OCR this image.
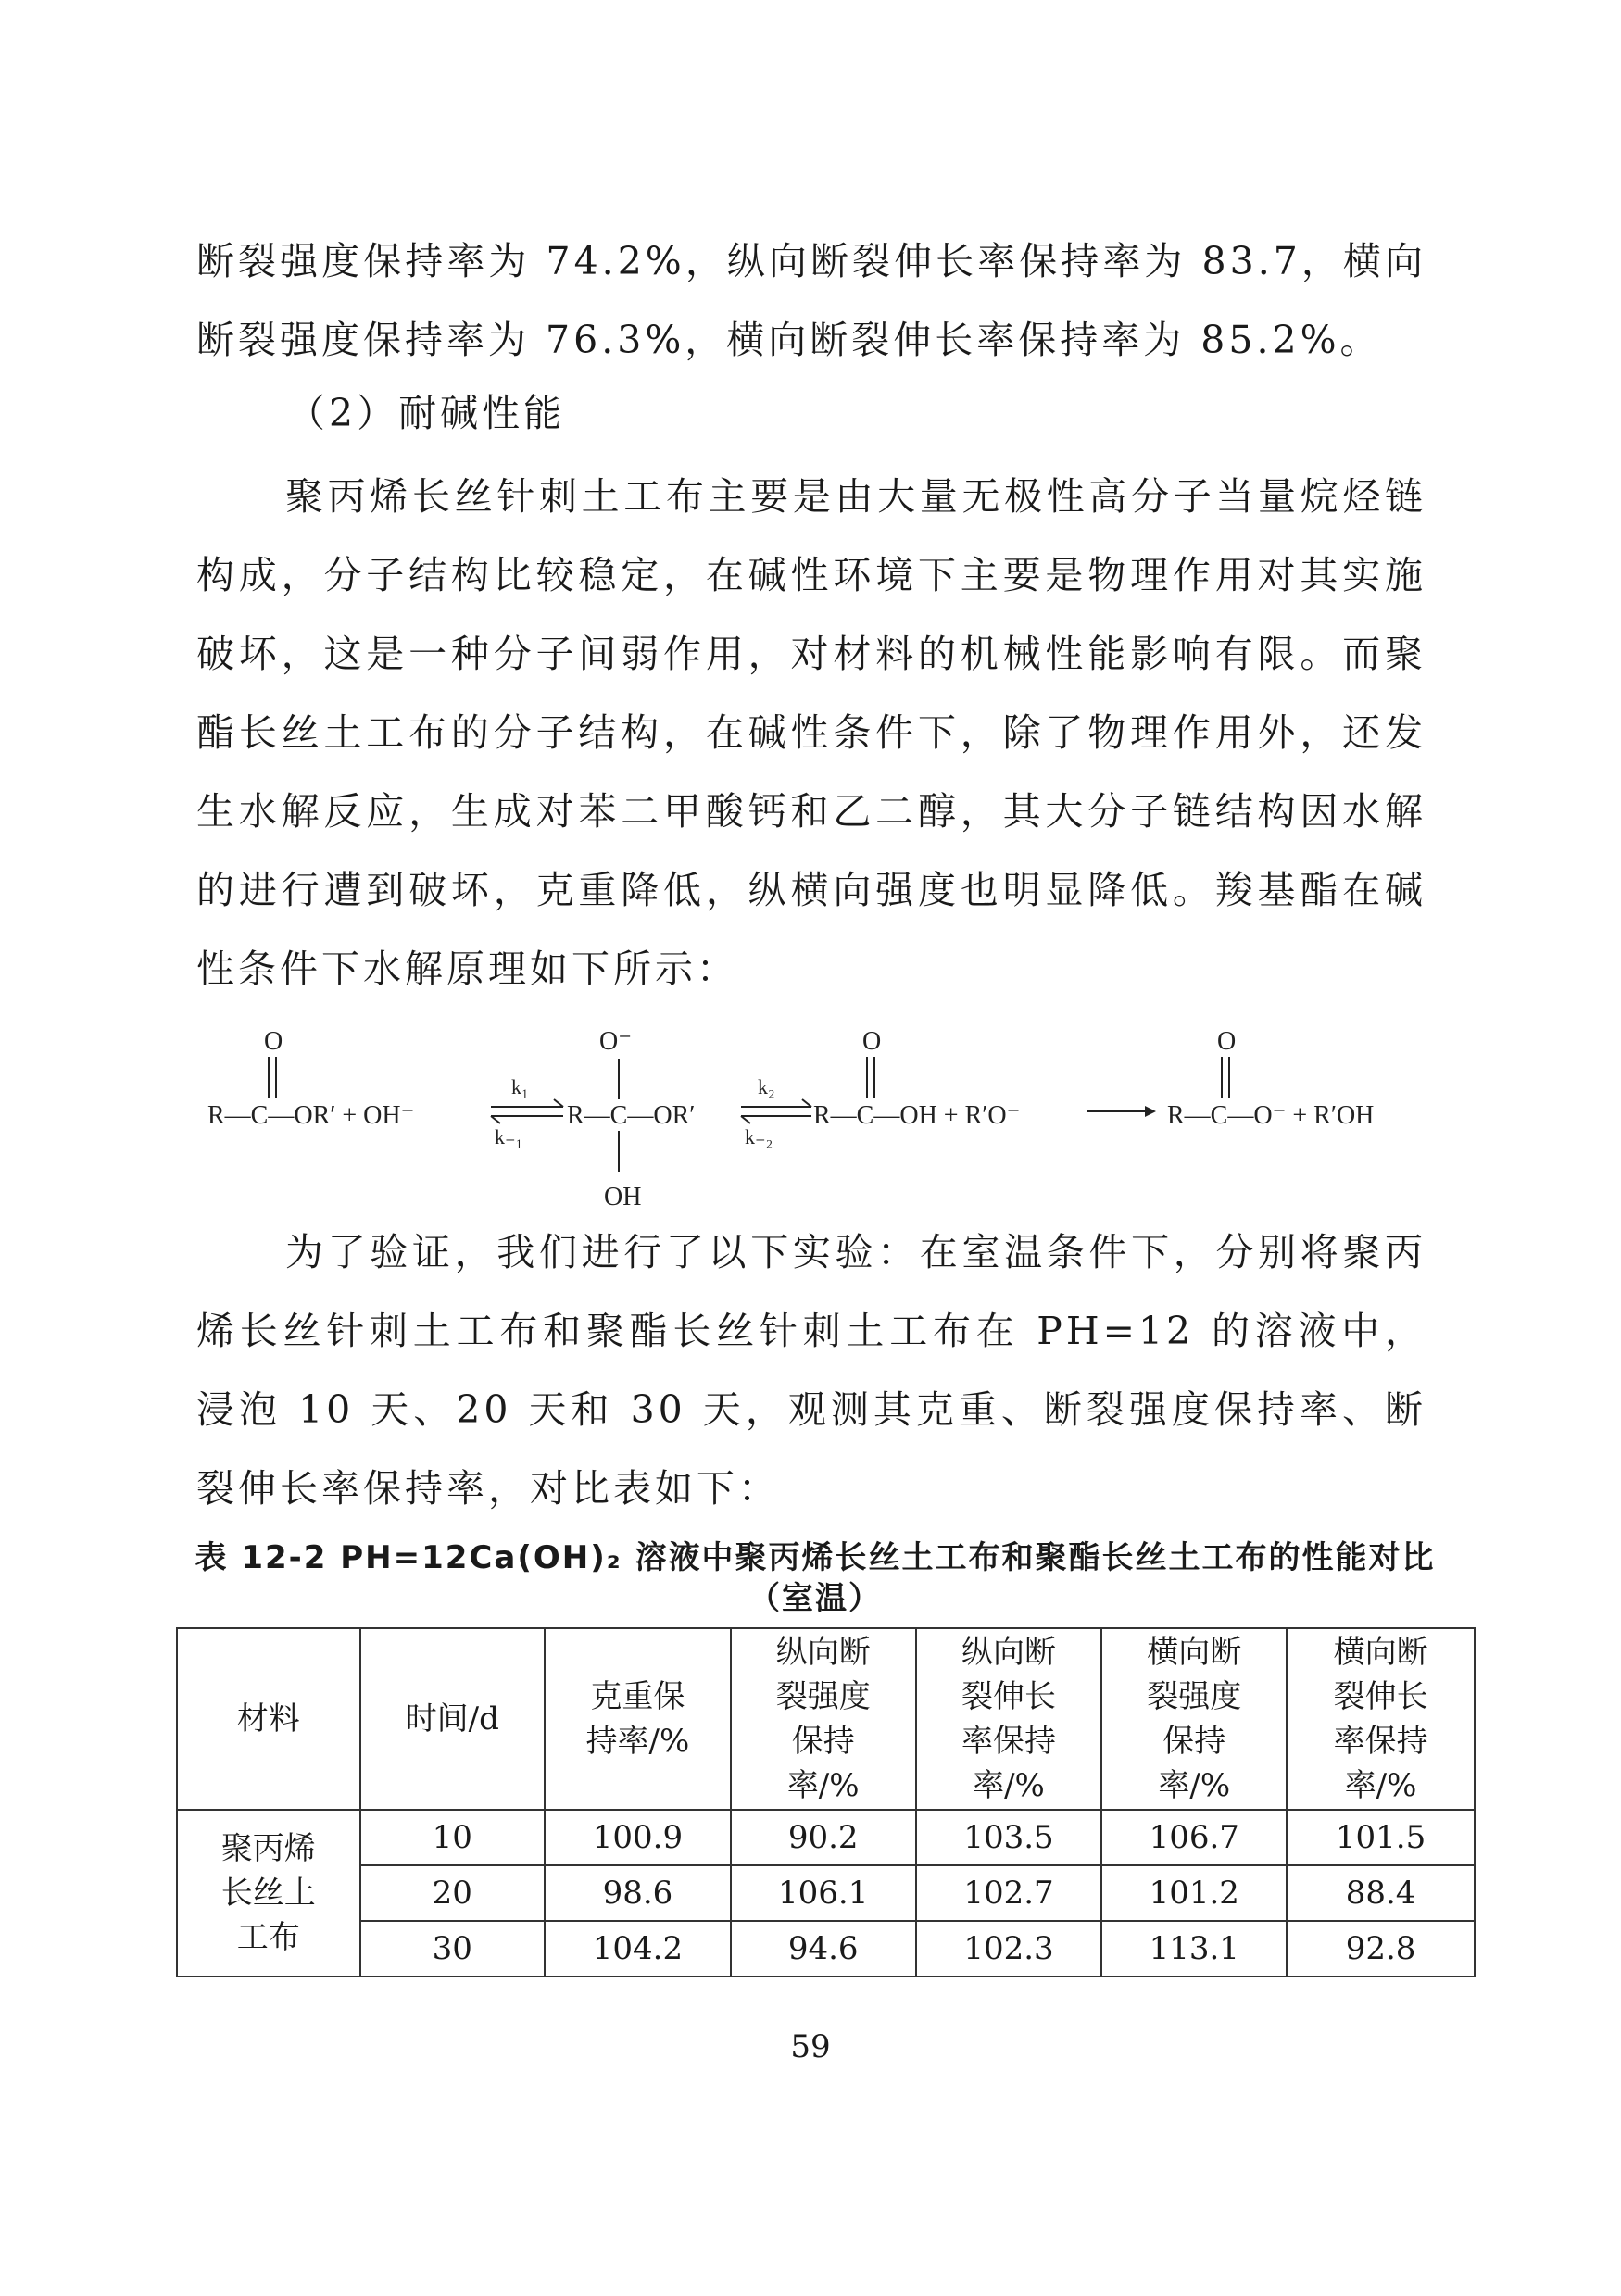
断裂强度保持率为 74.2%，纵向断裂伸长率保持率为 83.7，横向断裂强度保持率为 76.3%，横向断裂伸长率保持率为 85.2%。

（2）耐碱性能

聚丙烯长丝针刺土工布主要是由大量无极性高分子当量烷烃链构成，分子结构比较稳定，在碱性环境下主要是物理作用对其实施破坏，这是一种分子间弱作用，对材料的机械性能影响有限。而聚酯长丝土工布的分子结构，在碱性条件下，除了物理作用外，还发生水解反应，生成对苯二甲酸钙和乙二醇，其大分子链结构因水解的进行遭到破坏，克重降低，纵横向强度也明显降低。羧基酯在碱性条件下水解原理如下所示：

O
R—C—OR′ + OH⁻
k₁
k₋₁
O⁻
R—C—OR′
OH
k₂
k₋₂
O
R—C—OH + R′O⁻
O
R—C—O⁻ + R′OH

为了验证，我们进行了以下实验：在室温条件下，分别将聚丙烯长丝针刺土工布和聚酯长丝针刺土工布在 PH=12 的溶液中，浸泡 10 天、20 天和 30 天，观测其克重、断裂强度保持率、断裂伸长率保持率，对比表如下：

表 12-2 PH=12Ca(OH)₂ 溶液中聚丙烯长丝土工布和聚酯长丝土工布的性能对比
（室温）
材料	时间/d	克重保持率/%	纵向断裂强度保持率/%	纵向断裂伸长率保持率/%	横向断裂强度保持率/%	横向断裂伸长率保持率/%
聚丙烯长丝土工布	10	100.9	90.2	103.5	106.7	101.5
	20	98.6	106.1	102.7	101.2	88.4
	30	104.2	94.6	102.3	113.1	92.8
59
